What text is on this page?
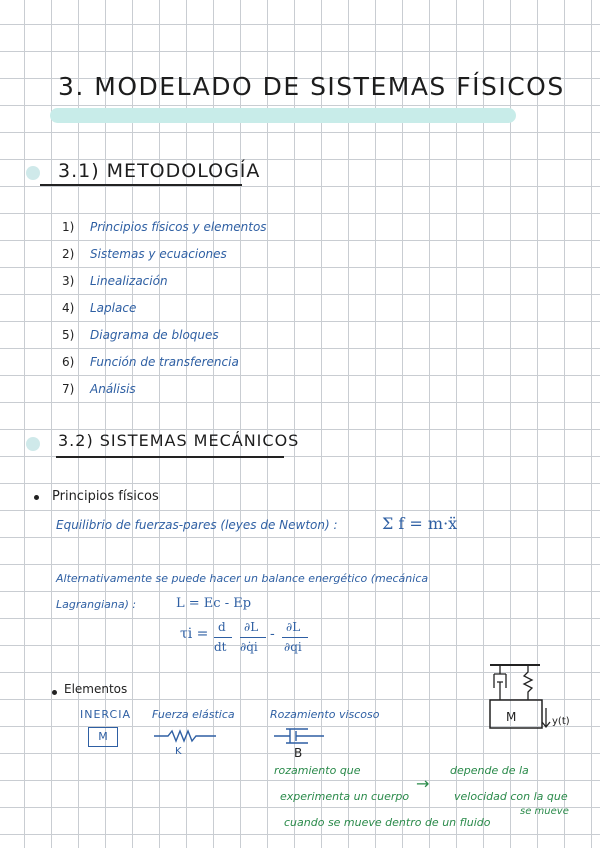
3. MODELADO DE SISTEMAS FÍSICOS
3.1) METODOLOGÍA
1) Principios físicos y elementos
2) Sistemas y ecuaciones
3) Linealización
4) Laplace
5) Diagrama de bloques
6) Función de transferencia
7) Análisis
3.2) SISTEMAS MECÁNICOS
Principios físicos
Equilibrio de fuerzas-pares (leyes de Newton) :	Σ f = m·ẍ
Alternativamente se puede hacer un balance energético (mecánica
Lagrangiana) :	L = Ec - Ep
τi = d
dt
∂L
∂q̇i
- ∂L
∂qi
Elementos
INERCIA
M
Fuerza elástica
K
Rozamiento viscoso
B
M	y(t)
rozamiento que
experimenta un cuerpo
cuando se mueve dentro de un fluido
→
depende de la
velocidad con la que
se mueve
